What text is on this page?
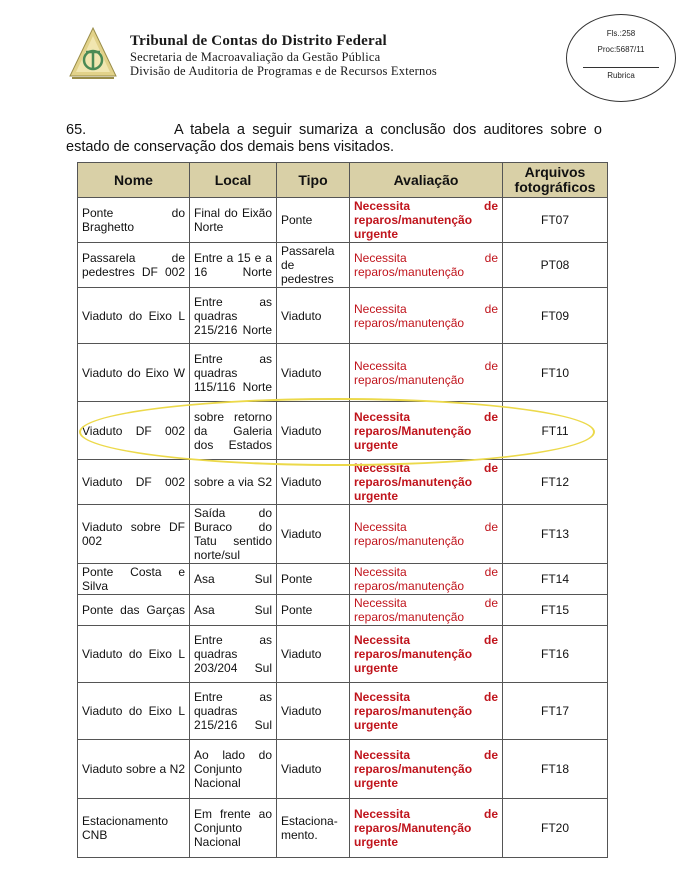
Tribunal de Contas do Distrito Federal
Secretaria de Macroavaliação da Gestão Pública
Divisão de Auditoria de Programas e de Recursos Externos
Fls.:258
Proc:5687/11
Rubrica
65.	A tabela a seguir sumariza a conclusão dos auditores sobre o estado de conservação dos demais bens visitados.
Nome	Local	Tipo	Avaliação	Arquivos fotográficos
Ponte do Braghetto	Final do Eixão Norte	Ponte	Necessita de reparos/manutenção urgente	FT07
Passarela de pedestres DF 002	Entre a 15 e a 16 Norte	Passarela de pedestres	Necessita de reparos/manutenção	PT08
Viaduto do Eixo L	Entre as quadras 215/216 Norte	Viaduto	Necessita de reparos/manutenção	FT09
Viaduto do Eixo W	Entre as quadras 115/116 Norte	Viaduto	Necessita de reparos/manutenção	FT10
Viaduto DF 002	sobre retorno da Galeria dos Estados	Viaduto	Necessita de reparos/Manutenção urgente	FT11
Viaduto DF 002	sobre a via S2	Viaduto	Necessita de reparos/manutenção urgente	FT12
Viaduto sobre DF 002	Saída do Buraco do Tatu sentido norte/sul	Viaduto	Necessita de reparos/manutenção	FT13
Ponte Costa e Silva	Asa Sul	Ponte	Necessita de reparos/manutenção	FT14
Ponte das Garças	Asa Sul	Ponte	Necessita de reparos/manutenção	FT15
Viaduto do Eixo L	Entre as quadras 203/204 Sul	Viaduto	Necessita de reparos/manutenção urgente	FT16
Viaduto do Eixo L	Entre as quadras 215/216 Sul	Viaduto	Necessita de reparos/manutenção urgente	FT17
Viaduto sobre a N2	Ao lado do Conjunto Nacional	Viaduto	Necessita de reparos/manutenção urgente	FT18
Estacionamento CNB	Em frente ao Conjunto Nacional	Estaciona-mento.	Necessita de reparos/Manutenção urgente	FT20
